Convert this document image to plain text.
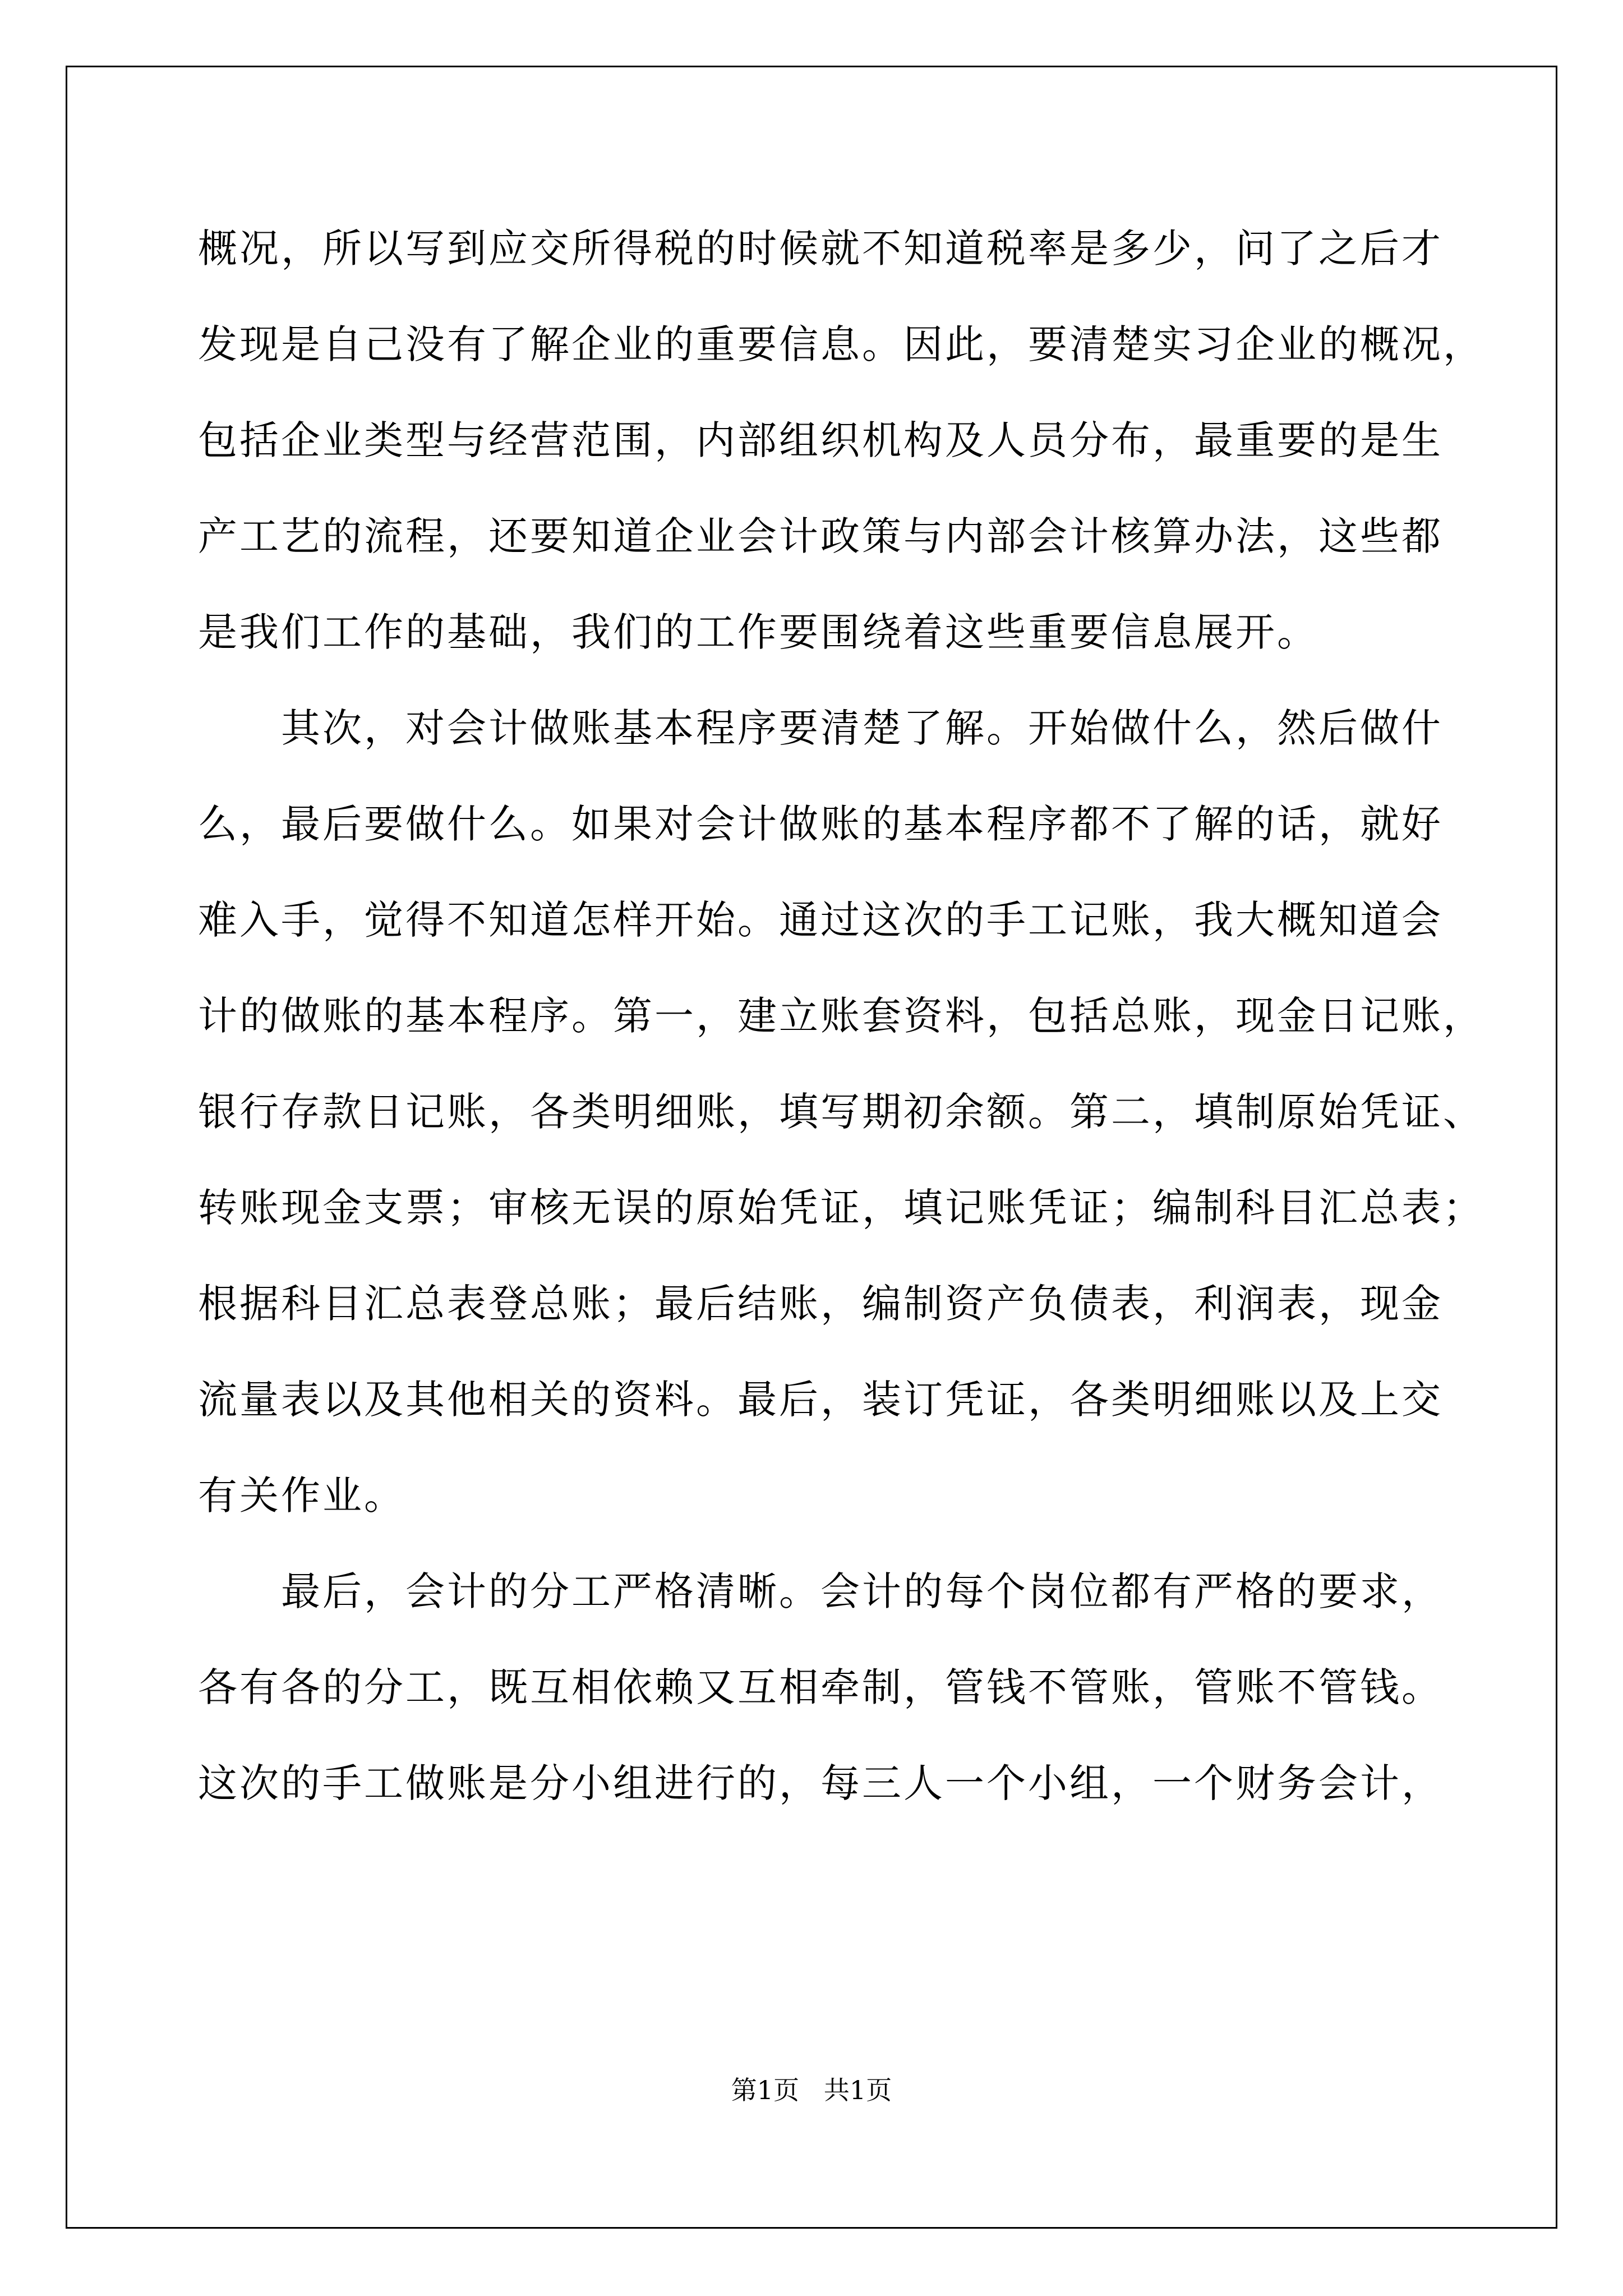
概况，所以写到应交所得税的时候就不知道税率是多少，问了之后才
发现是自己没有了解企业的重要信息。因此，要清楚实习企业的概况，
包括企业类型与经营范围，内部组织机构及人员分布，最重要的是生
产工艺的流程，还要知道企业会计政策与内部会计核算办法，这些都
是我们工作的基础，我们的工作要围绕着这些重要信息展开。
其次，对会计做账基本程序要清楚了解。开始做什么，然后做什
么，最后要做什么。如果对会计做账的基本程序都不了解的话，就好
难入手，觉得不知道怎样开始。通过这次的手工记账，我大概知道会
计的做账的基本程序。第一，建立账套资料，包括总账，现金日记账，
银行存款日记账，各类明细账，填写期初余额。第二，填制原始凭证、
转账现金支票；审核无误的原始凭证，填记账凭证；编制科目汇总表；
根据科目汇总表登总账；最后结账，编制资产负债表，利润表，现金
流量表以及其他相关的资料。最后，装订凭证，各类明细账以及上交
有关作业。
最后，会计的分工严格清晰。会计的每个岗位都有严格的要求，
各有各的分工，既互相依赖又互相牵制，管钱不管账，管账不管钱。
这次的手工做账是分小组进行的，每三人一个小组，一个财务会计，
第1页   共1页
